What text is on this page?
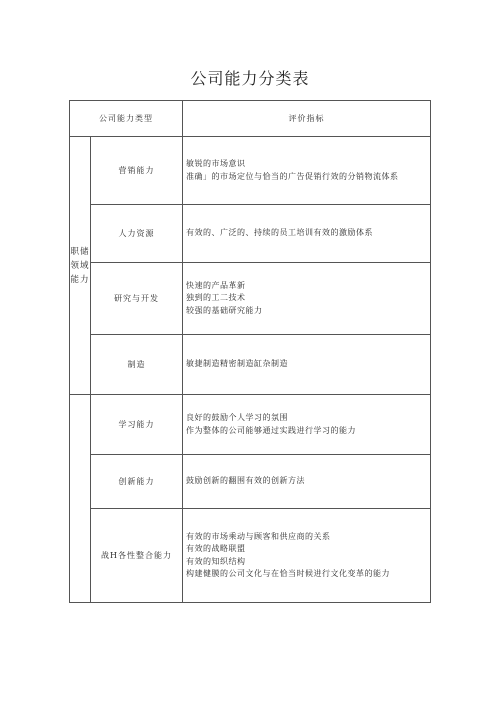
公司能力分类表
公司能力类型		评价指标
职储领域能力	营销能力	敏锐的市场意识
准确」的市场定位与恰当的广告促销行效的分销物流体系

	人力资源	有效的、广泛的、持续的员工培训有效的激励体系

	研究与开发	快速的产品革新
独到的工二技术
较强的基础研究能力

	制造	敏捷制造精密制造缸杂制造

	学习能力	良好的鼓励个人学习的氛围
作为整体的公司能够通过实践进行学习的能力

	创新能力	鼓励创新的翻围有效的创新方法

	战H各性整合能力	有效的市场乘动与顾客和供应商的关系
有效的战略联盟
有效的知织结构
构建健膜的公司文化与在恰当时候进行文化变革的能力
